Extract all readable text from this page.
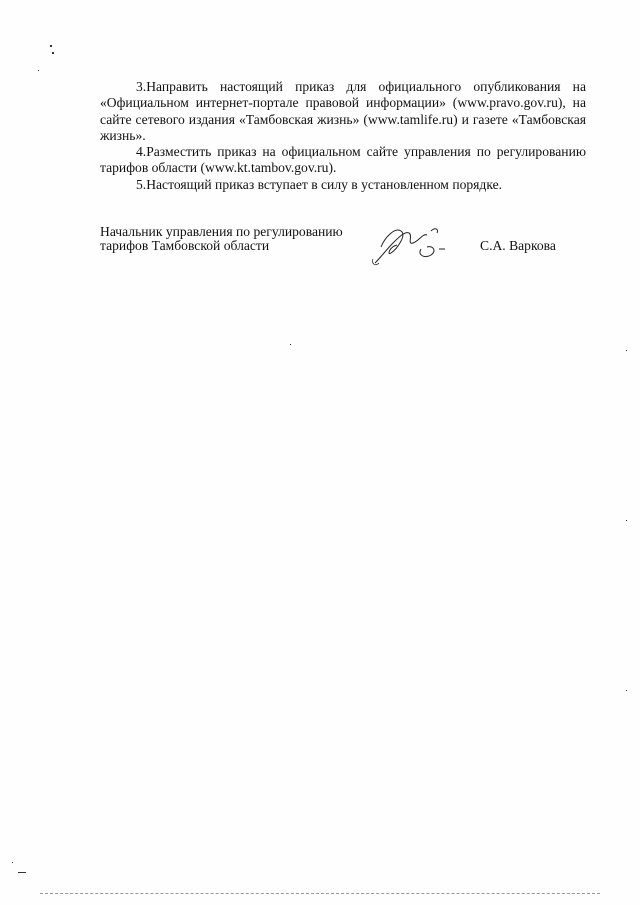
3.Направить настоящий приказ для официального опубликования на «Официальном интернет-портале правовой информации» (www.pravo.gov.ru), на сайте сетевого издания «Тамбовская жизнь» (www.tamlife.ru) и газете «Тамбовская жизнь».

4.Разместить приказ на официальном сайте управления по регулированию тарифов области (www.kt.tambov.gov.ru).

5.Настоящий приказ вступает в силу в установленном порядке.

Начальник управления по регулированию
тарифов Тамбовской области	С.А. Варкова
